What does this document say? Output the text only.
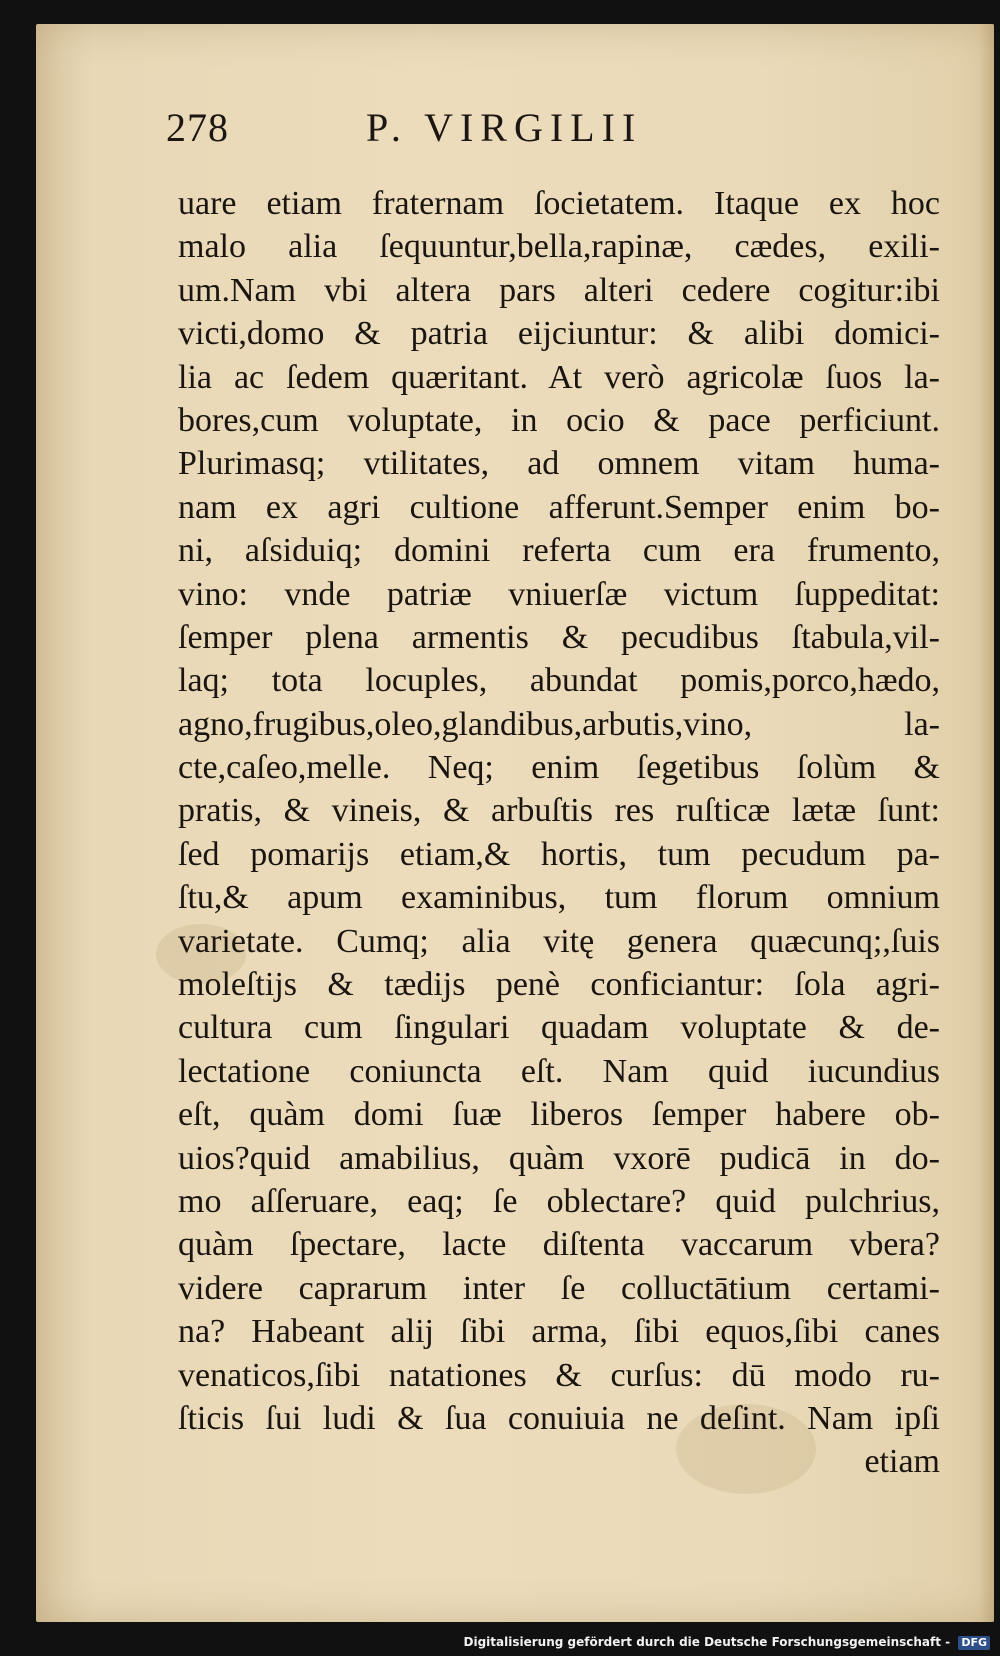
278	P. VIRGILII
uare etiam fraternam ſocietatem. Itaque ex hoc
malo alia ſequuntur,bella,rapinæ, cædes, exili-
um.Nam vbi altera pars alteri cedere cogitur:ibi
victi,domo & patria eijciuntur: & alibi domici-
lia ac ſedem quæritant. At verò agricolæ ſuos la-
bores,cum voluptate, in ocio & pace perficiunt.
Plurimasq; vtilitates, ad omnem vitam huma-
nam ex agri cultione afferunt.Semper enim bo-
ni, aſsiduiq; domini referta cum era frumento,
vino: vnde patriæ vniuerſæ victum ſuppeditat:
ſemper plena armentis & pecudibus ſtabula,vil-
laq; tota locuples, abundat pomis,porco,hædo,
agno,frugibus,oleo,glandibus,arbutis,vino, la-
cte,caſeo,melle. Neq; enim ſegetibus ſolùm &
pratis, & vineis, & arbuſtis res ruſticæ lætæ ſunt:
ſed pomarijs etiam,& hortis, tum pecudum pa-
ſtu,& apum examinibus, tum florum omnium
varietate. Cumq; alia vitę genera quæcunq;,ſuis
moleſtijs & tædijs penè conficiantur: ſola agri-
cultura cum ſingulari quadam voluptate & de-
lectatione coniuncta eſt. Nam quid iucundius
eſt, quàm domi ſuæ liberos ſemper habere ob-
uios?quid amabilius, quàm vxorē pudicā in do-
mo aſſeruare, eaq; ſe oblectare? quid pulchrius,
quàm ſpectare, lacte diſtenta vaccarum vbera?
videre caprarum inter ſe colluctātium certami-
na? Habeant alij ſibi arma, ſibi equos,ſibi canes
venaticos,ſibi natationes & curſus: dū modo ru-
ſticis ſui ludi & ſua conuiuia ne deſint. Nam ipſi
etiam
Digitalisierung gefördert durch die Deutsche Forschungsgemeinschaft - DFG
